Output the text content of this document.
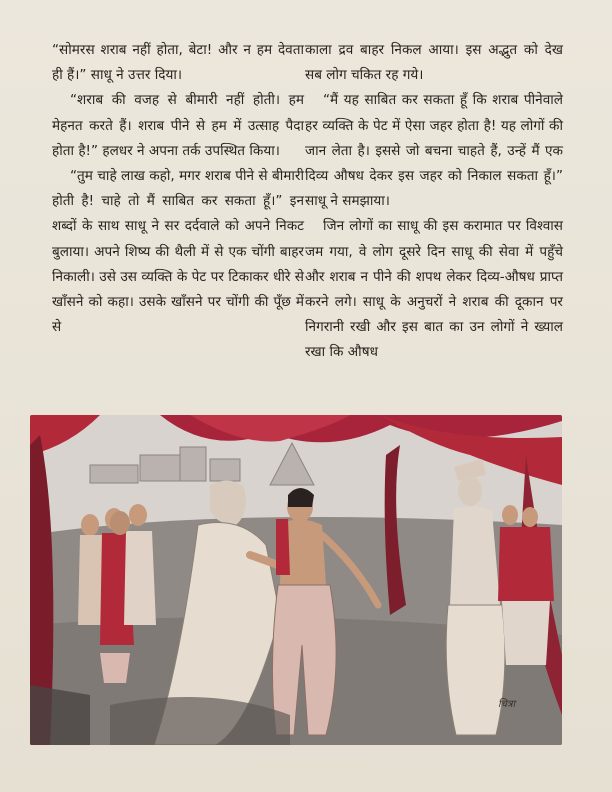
“सोमरस शराब नहीं होता, बेटा! और न हम देवता ही हैं।” साधू ने उत्तर दिया।

“शराब की वजह से बीमारी नहीं होती। हम मेहनत करते हैं। शराब पीने से हम में उत्साह पैदा होता है!” हलधर ने अपना तर्क उपस्थित किया।

“तुम चाहे लाख कहो, मगर शराब पीने से बीमारी होती है! चाहे तो मैं साबित कर सकता हूँ।” इन शब्दों के साथ साधू ने सर दर्दवाले को अपने निकट बुलाया। अपने शिष्य की थैली में से एक चोंगी बाहर निकाली। उसे उस व्यक्ति के पेट पर टिकाकर धीरे से खाँसने को कहा। उसके खाँसने पर चोंगी की पूँछ में से

काला द्रव बाहर निकल आया। इस अद्भुत को देख सब लोग चकित रह गये।

“मैं यह साबित कर सकता हूँ कि शराब पीनेवाले हर व्यक्ति के पेट में ऐसा जहर होता है! यह लोगों की जान लेता है। इससे जो बचना चाहते हैं, उन्हें मैं एक दिव्य औषध देकर इस जहर को निकाल सकता हूँ।” साधू ने समझाया।

जिन लोगों का साधू की इस करामात पर विश्वास जम गया, वे लोग दूसरे दिन साधू की सेवा में पहुँचे और शराब न पीने की शपथ लेकर दिव्य-औषध प्राप्त करने लगे। साधू के अनुचरों ने शराब की दूकान पर निगरानी रखी और इस बात का उन लोगों ने ख्याल रखा कि औषध

चित्रा
